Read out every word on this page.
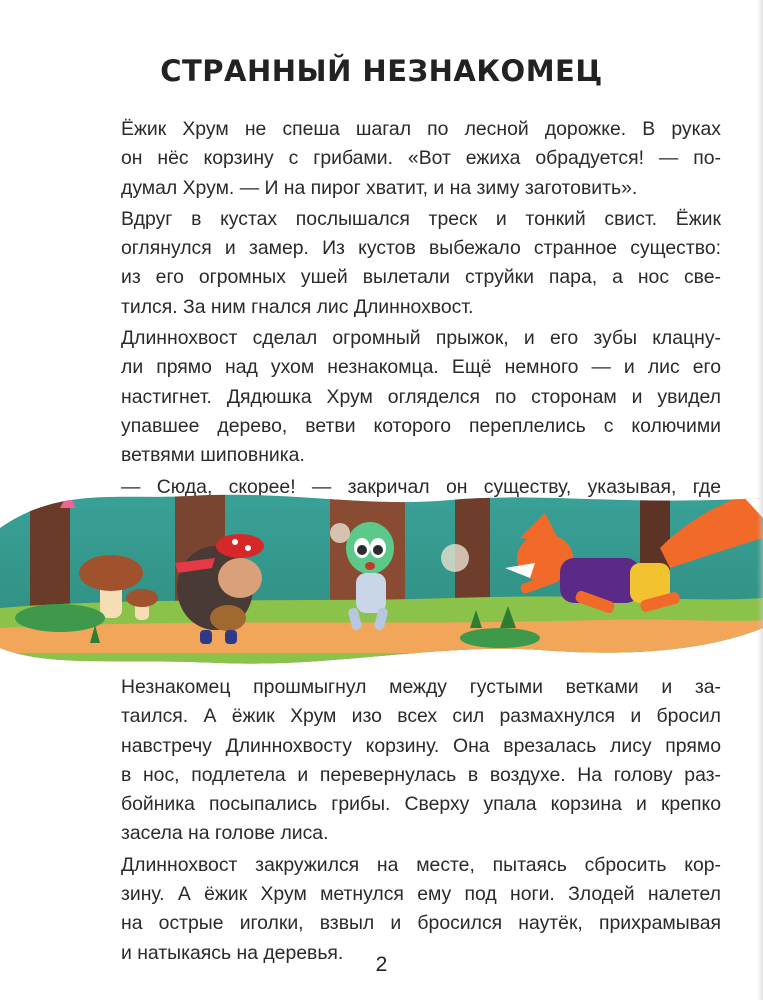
СТРАННЫЙ НЕЗНАКОМЕЦ

Ёжик Хрум не спеша шагал по лесной дорожке. В руках
он нёс корзину с грибами. «Вот ежиха обрадуется! — по-
думал Хрум. — И на пирог хватит, и на зиму заготовить».

Вдруг в кустах послышался треск и тонкий свист. Ёжик
оглянулся и замер. Из кустов выбежало странное существо:
из его огромных ушей вылетали струйки пара, а нос све-
тился. За ним гнался лис Длиннохвост.

Длиннохвост сделал огромный прыжок, и его зубы клацну-
ли прямо над ухом незнакомца. Ещё немного — и лис его
настигнет. Дядюшка Хрум огляделся по сторонам и увидел
упавшее дерево, ветви которого переплелись с колючими
ветвями шиповника.

— Сюда, скорее! — закричал он существу, указывая, где

Незнакомец прошмыгнул между густыми ветками и за-
таился. А ёжик Хрум изо всех сил размахнулся и бросил
навстречу Длиннохвосту корзину. Она врезалась лису прямо
в нос, подлетела и перевернулась в воздухе. На голову раз-
бойника посыпались грибы. Сверху упала корзина и крепко
засела на голове лиса.

Длиннохвост закружился на месте, пытаясь сбросить кор-
зину. А ёжик Хрум метнулся ему под ноги. Злодей налетел
на острые иголки, взвыл и бросился наутёк, прихрамывая
и натыкаясь на деревья.

2
